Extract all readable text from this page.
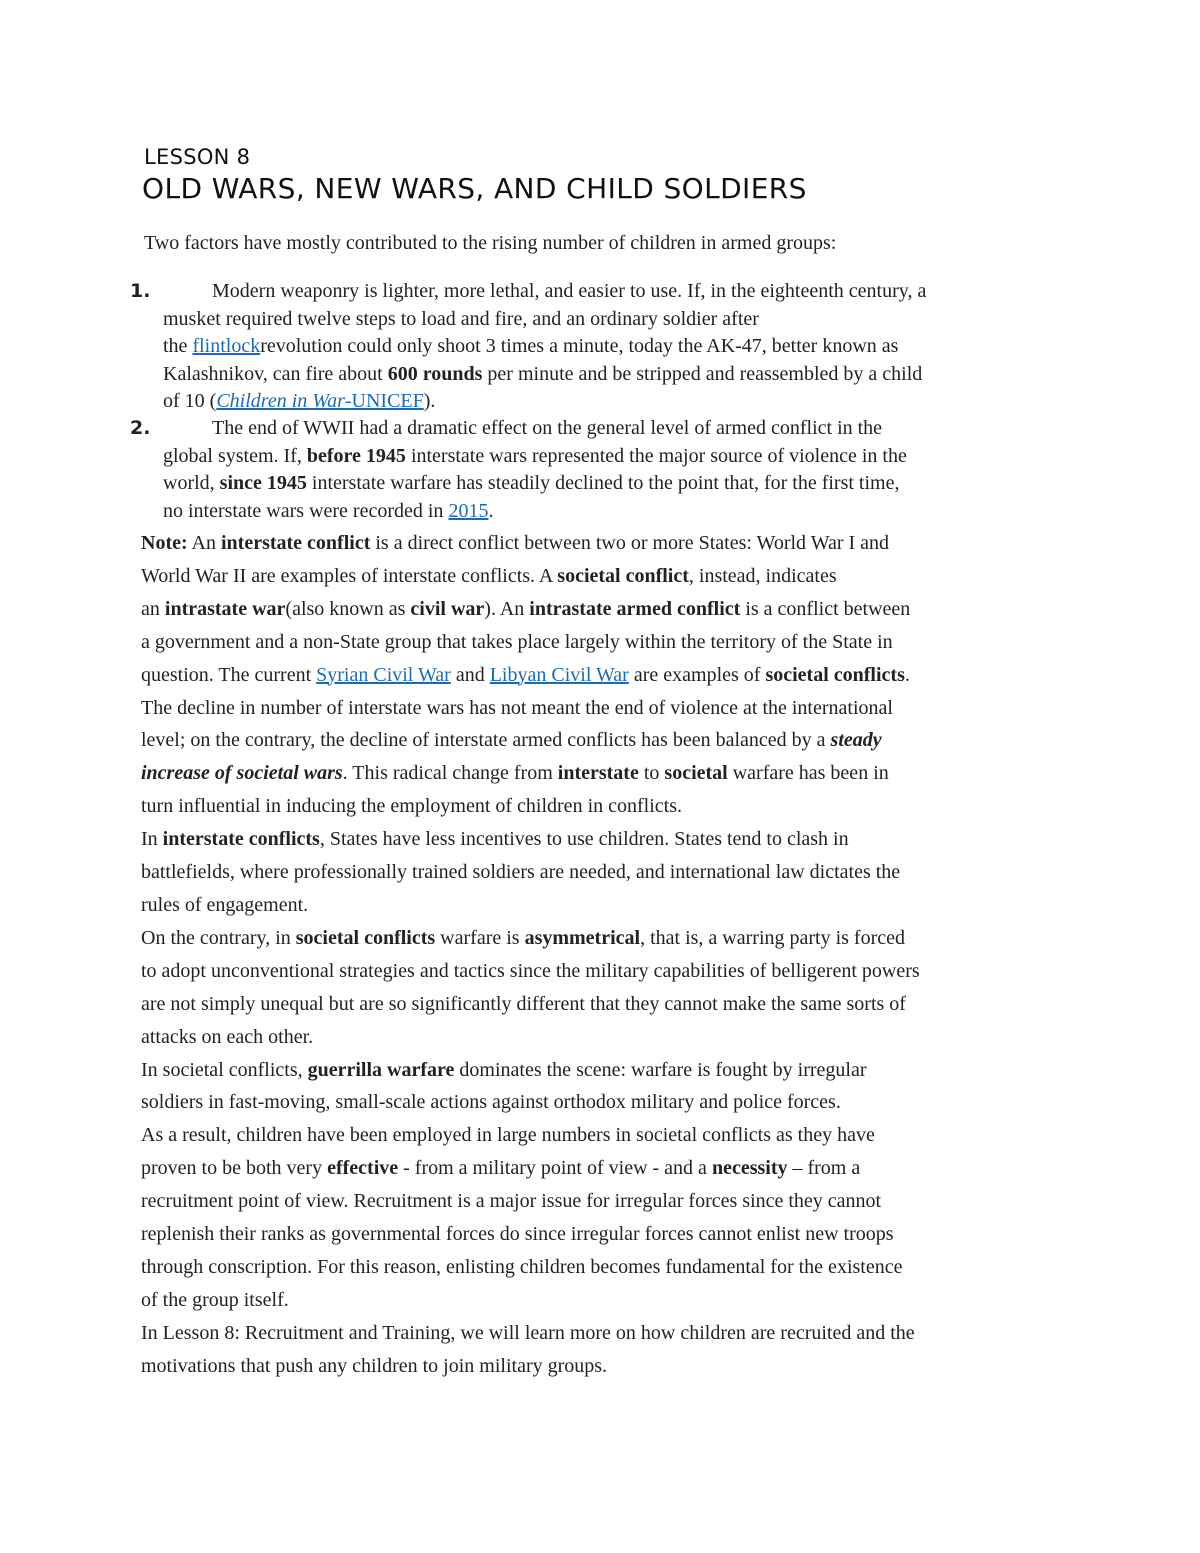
LESSON 8
OLD WARS, NEW WARS, AND CHILD SOLDIERS

Two factors have mostly contributed to the rising number of children in armed groups:

1.	Modern weaponry is lighter, more lethal, and easier to use. If, in the eighteenth century, a
musket required twelve steps to load and fire, and an ordinary soldier after
the flintlockrevolution could only shoot 3 times a minute, today the AK-47, better known as
Kalashnikov, can fire about 600 rounds per minute and be stripped and reassembled by a child
of 10 (Children in War-UNICEF).
2.	The end of WWII had a dramatic effect on the general level of armed conflict in the
global system. If, before 1945 interstate wars represented the major source of violence in the
world, since 1945 interstate warfare has steadily declined to the point that, for the first time,
no interstate wars were recorded in 2015.
Note: An interstate conflict is a direct conflict between two or more States: World War I and
World War II are examples of interstate conflicts. A societal conflict, instead, indicates
an intrastate war(also known as civil war). An intrastate armed conflict is a conflict between
a government and a non-State group that takes place largely within the territory of the State in
question. The current Syrian Civil War and Libyan Civil War are examples of societal conflicts.
The decline in number of interstate wars has not meant the end of violence at the international
level; on the contrary, the decline of interstate armed conflicts has been balanced by a steady
increase of societal wars. This radical change from interstate to societal warfare has been in
turn influential in inducing the employment of children in conflicts.
In interstate conflicts, States have less incentives to use children. States tend to clash in
battlefields, where professionally trained soldiers are needed, and international law dictates the
rules of engagement.
On the contrary, in societal conflicts warfare is asymmetrical, that is, a warring party is forced
to adopt unconventional strategies and tactics since the military capabilities of belligerent powers
are not simply unequal but are so significantly different that they cannot make the same sorts of
attacks on each other.
In societal conflicts, guerrilla warfare dominates the scene: warfare is fought by irregular
soldiers in fast-moving, small-scale actions against orthodox military and police forces.
As a result, children have been employed in large numbers in societal conflicts as they have
proven to be both very effective - from a military point of view - and a necessity – from a
recruitment point of view. Recruitment is a major issue for irregular forces since they cannot
replenish their ranks as governmental forces do since irregular forces cannot enlist new troops
through conscription. For this reason, enlisting children becomes fundamental for the existence
of the group itself.
In Lesson 8: Recruitment and Training, we will learn more on how children are recruited and the
motivations that push any children to join military groups.
